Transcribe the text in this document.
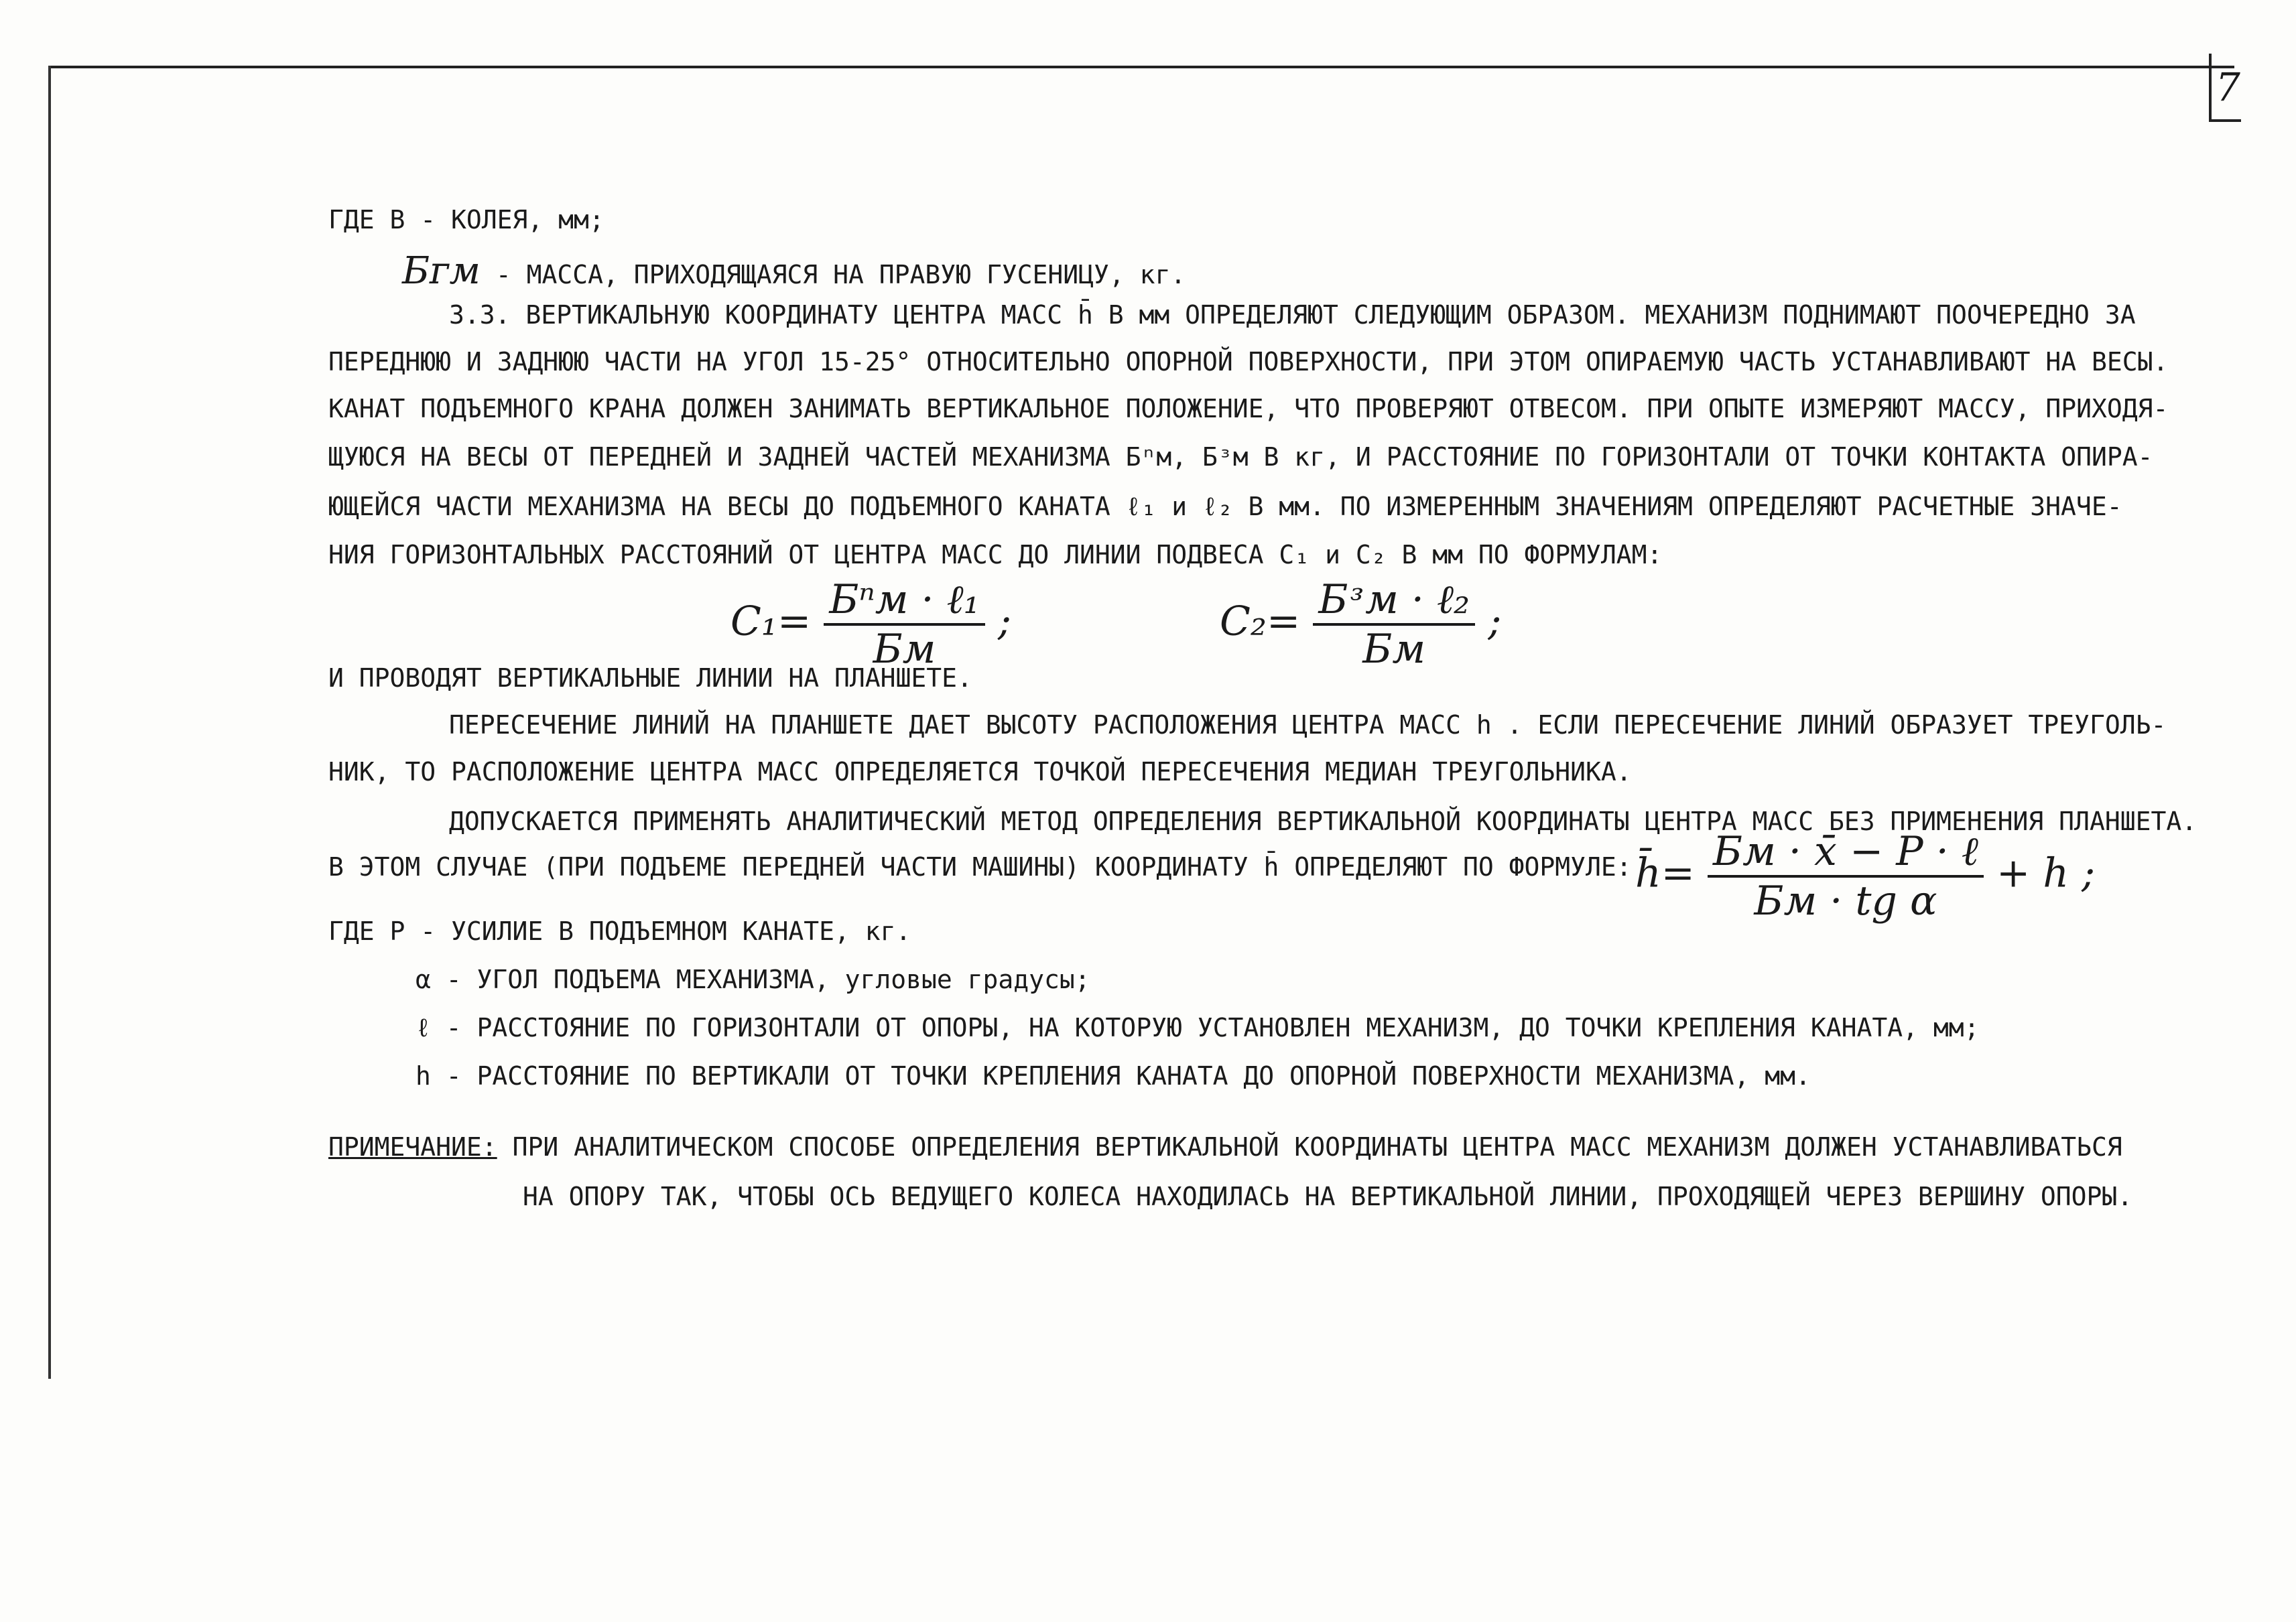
7
ГДЕ В - КОЛЕЯ, мм;
Бᴦм - МАССА, ПРИХОДЯЩАЯСЯ НА ПРАВУЮ ГУСЕНИЦУ, кг.
3.3. ВЕРТИКАЛЬНУЮ КООРДИНАТУ ЦЕНТРА МАСС h̄ В мм ОПРЕДЕЛЯЮТ СЛЕДУЮЩИМ ОБРАЗОМ. МЕХАНИЗМ ПОДНИМАЮТ ПООЧЕРЕДНО ЗА
ПЕРЕДНЮЮ И ЗАДНЮЮ ЧАСТИ НА УГОЛ 15-25° ОТНОСИТЕЛЬНО ОПОРНОЙ ПОВЕРХНОСТИ, ПРИ ЭТОМ ОПИРАЕМУЮ ЧАСТЬ УСТАНАВЛИВАЮТ НА ВЕСЫ.
КАНАТ ПОДЪЕМНОГО КРАНА ДОЛЖЕН ЗАНИМАТЬ ВЕРТИКАЛЬНОЕ ПОЛОЖЕНИЕ, ЧТО ПРОВЕРЯЮТ ОТВЕСОМ. ПРИ ОПЫТЕ ИЗМЕРЯЮТ МАССУ, ПРИХОДЯ-
ЩУЮСЯ НА ВЕСЫ ОТ ПЕРЕДНЕЙ И ЗАДНЕЙ ЧАСТЕЙ МЕХАНИЗМА Бⁿм, Бᶟм В кг, И РАССТОЯНИЕ ПО ГОРИЗОНТАЛИ ОТ ТОЧКИ КОНТАКТА ОПИРА-
ЮЩЕЙСЯ ЧАСТИ МЕХАНИЗМА НА ВЕСЫ ДО ПОДЪЕМНОГО КАНАТА ℓ₁ и ℓ₂ В мм. ПО ИЗМЕРЕННЫМ ЗНАЧЕНИЯМ ОПРЕДЕЛЯЮТ РАСЧЕТНЫЕ ЗНАЧЕ-
НИЯ ГОРИЗОНТАЛЬНЫХ РАССТОЯНИЙ ОТ ЦЕНТРА МАСС ДО ЛИНИИ ПОДВЕСА C₁ и C₂ В мм ПО ФОРМУЛАМ:
$C_1= \frac{\text{Бⁿм · ℓ₁}}{Бм}$ ;	$C_2= \frac{\text{Бᶟм · ℓ₂}}{Бм}$ ;
И ПРОВОДЯТ ВЕРТИКАЛЬНЫЕ ЛИНИИ НА ПЛАНШЕТЕ.
ПЕРЕСЕЧЕНИЕ ЛИНИЙ НА ПЛАНШЕТЕ ДАЕТ ВЫСОТУ РАСПОЛОЖЕНИЯ ЦЕНТРА МАСС h . ЕСЛИ ПЕРЕСЕЧЕНИЕ ЛИНИЙ ОБРАЗУЕТ ТРЕУГОЛЬ-
НИК, ТО РАСПОЛОЖЕНИЕ ЦЕНТРА МАСС ОПРЕДЕЛЯЕТСЯ ТОЧКОЙ ПЕРЕСЕЧЕНИЯ МЕДИАН ТРЕУГОЛЬНИКА.
ДОПУСКАЕТСЯ ПРИМЕНЯТЬ АНАЛИТИЧЕСКИЙ МЕТОД ОПРЕДЕЛЕНИЯ ВЕРТИКАЛЬНОЙ КООРДИНАТЫ ЦЕНТРА МАСС БЕЗ ПРИМЕНЕНИЯ ПЛАНШЕТА.
В ЭТОМ СЛУЧАЕ (ПРИ ПОДЪЕМЕ ПЕРЕДНЕЙ ЧАСТИ МАШИНЫ) КООРДИНАТУ h̄ ОПРЕДЕЛЯЮТ ПО ФОРМУЛЕ: h̄= $\frac{\text{Бм · x̄ − P · ℓ}}{\text{Бм · tg α}} + h$ ;
ГДЕ P - УСИЛИЕ В ПОДЪЕМНОМ КАНАТЕ, кг.
α - УГОЛ ПОДЪЕМА МЕХАНИЗМА, угловые градусы;
ℓ - РАССТОЯНИЕ ПО ГОРИЗОНТАЛИ ОТ ОПОРЫ, НА КОТОРУЮ УСТАНОВЛЕН МЕХАНИЗМ, ДО ТОЧКИ КРЕПЛЕНИЯ КАНАТА, мм;
h - РАССТОЯНИЕ ПО ВЕРТИКАЛИ ОТ ТОЧКИ КРЕПЛЕНИЯ КАНАТА ДО ОПОРНОЙ ПОВЕРХНОСТИ МЕХАНИЗМА, мм.
ПРИМЕЧАНИЕ: ПРИ АНАЛИТИЧЕСКОМ СПОСОБЕ ОПРЕДЕЛЕНИЯ ВЕРТИКАЛЬНОЙ КООРДИНАТЫ ЦЕНТРА МАСС МЕХАНИЗМ ДОЛЖЕН УСТАНАВЛИВАТЬСЯ
НА ОПОРУ ТАК, ЧТОБЫ ОСЬ ВЕДУЩЕГО КОЛЕСА НАХОДИЛАСЬ НА ВЕРТИКАЛЬНОЙ ЛИНИИ, ПРОХОДЯЩЕЙ ЧЕРЕЗ ВЕРШИНУ ОПОРЫ.
